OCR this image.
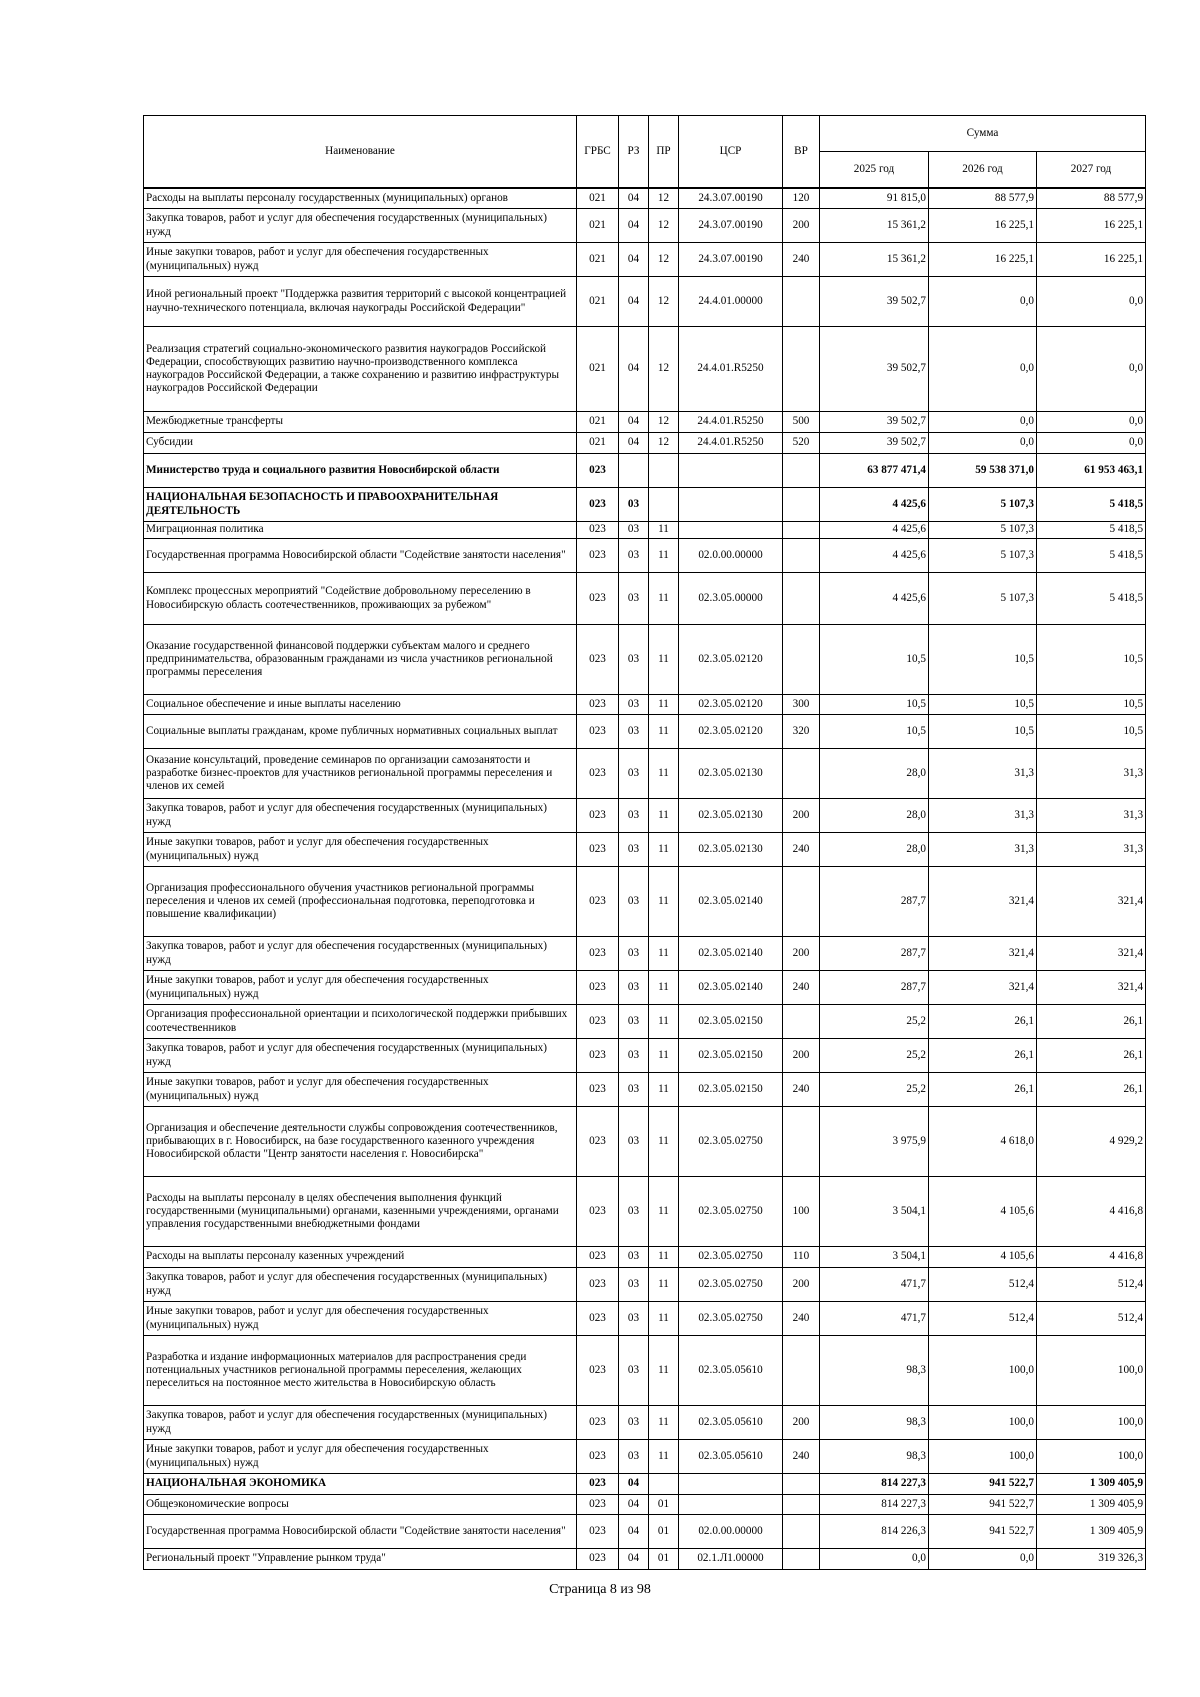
Наименование	ГРБС	РЗ	ПР	ЦСР	ВР	Сумма		
						2025 год	2026 год	2027 год
Расходы на выплаты персоналу государственных (муниципальных) органов	021	04	12	24.3.07.00190	120	91 815,0	88 577,9	88 577,9
Закупка товаров, работ и услуг для обеспечения государственных (муниципальных) нужд	021	04	12	24.3.07.00190	200	15 361,2	16 225,1	16 225,1
Иные закупки товаров, работ и услуг для обеспечения государственных (муниципальных) нужд	021	04	12	24.3.07.00190	240	15 361,2	16 225,1	16 225,1
Иной региональный проект "Поддержка развития территорий с высокой концентрацией научно-технического потенциала, включая наукограды Российской Федерации"	021	04	12	24.4.01.00000		39 502,7	0,0	0,0
Реализация стратегий социально-экономического развития наукоградов Российской Федерации, способствующих развитию научно-производственного комплекса наукоградов Российской Федерации, а также сохранению и развитию инфраструктуры наукоградов Российской Федерации	021	04	12	24.4.01.R5250		39 502,7	0,0	0,0
Межбюджетные трансферты	021	04	12	24.4.01.R5250	500	39 502,7	0,0	0,0
Субсидии	021	04	12	24.4.01.R5250	520	39 502,7	0,0	0,0
Министерство труда и социального развития Новосибирской области	023					63 877 471,4	59 538 371,0	61 953 463,1
НАЦИОНАЛЬНАЯ БЕЗОПАСНОСТЬ И ПРАВООХРАНИТЕЛЬНАЯ ДЕЯТЕЛЬНОСТЬ	023	03				4 425,6	5 107,3	5 418,5
Миграционная политика	023	03	11			4 425,6	5 107,3	5 418,5
Государственная программа Новосибирской области "Содействие занятости населения"	023	03	11	02.0.00.00000		4 425,6	5 107,3	5 418,5
Комплекс процессных мероприятий "Содействие добровольному переселению в Новосибирскую область соотечественников, проживающих за рубежом"	023	03	11	02.3.05.00000		4 425,6	5 107,3	5 418,5
Оказание государственной финансовой поддержки субъектам малого и среднего предпринимательства, образованным гражданами из числа участников региональной программы переселения	023	03	11	02.3.05.02120		10,5	10,5	10,5
Социальное обеспечение и иные выплаты населению	023	03	11	02.3.05.02120	300	10,5	10,5	10,5
Социальные выплаты гражданам, кроме публичных нормативных социальных выплат	023	03	11	02.3.05.02120	320	10,5	10,5	10,5
Оказание консультаций, проведение семинаров по организации самозанятости и разработке бизнес-проектов для участников региональной программы переселения и членов их семей	023	03	11	02.3.05.02130		28,0	31,3	31,3
Закупка товаров, работ и услуг для обеспечения государственных (муниципальных) нужд	023	03	11	02.3.05.02130	200	28,0	31,3	31,3
Иные закупки товаров, работ и услуг для обеспечения государственных (муниципальных) нужд	023	03	11	02.3.05.02130	240	28,0	31,3	31,3
Организация профессионального обучения участников региональной программы переселения и членов их семей (профессиональная подготовка, переподготовка и повышение квалификации)	023	03	11	02.3.05.02140		287,7	321,4	321,4
Закупка товаров, работ и услуг для обеспечения государственных (муниципальных) нужд	023	03	11	02.3.05.02140	200	287,7	321,4	321,4
Иные закупки товаров, работ и услуг для обеспечения государственных (муниципальных) нужд	023	03	11	02.3.05.02140	240	287,7	321,4	321,4
Организация профессиональной ориентации и психологической поддержки прибывших соотечественников	023	03	11	02.3.05.02150		25,2	26,1	26,1
Закупка товаров, работ и услуг для обеспечения государственных (муниципальных) нужд	023	03	11	02.3.05.02150	200	25,2	26,1	26,1
Иные закупки товаров, работ и услуг для обеспечения государственных (муниципальных) нужд	023	03	11	02.3.05.02150	240	25,2	26,1	26,1
Организация и обеспечение деятельности службы сопровождения соотечественников, прибывающих в г. Новосибирск, на базе государственного казенного учреждения Новосибирской области "Центр занятости населения г. Новосибирска"	023	03	11	02.3.05.02750		3 975,9	4 618,0	4 929,2
Расходы на выплаты персоналу в целях обеспечения выполнения функций государственными (муниципальными) органами, казенными учреждениями, органами управления государственными внебюджетными фондами	023	03	11	02.3.05.02750	100	3 504,1	4 105,6	4 416,8
Расходы на выплаты персоналу казенных учреждений	023	03	11	02.3.05.02750	110	3 504,1	4 105,6	4 416,8
Закупка товаров, работ и услуг для обеспечения государственных (муниципальных) нужд	023	03	11	02.3.05.02750	200	471,7	512,4	512,4
Иные закупки товаров, работ и услуг для обеспечения государственных (муниципальных) нужд	023	03	11	02.3.05.02750	240	471,7	512,4	512,4
Разработка и издание информационных материалов для распространения среди потенциальных участников региональной программы переселения, желающих переселиться на постоянное место жительства в Новосибирскую область	023	03	11	02.3.05.05610		98,3	100,0	100,0
Закупка товаров, работ и услуг для обеспечения государственных (муниципальных) нужд	023	03	11	02.3.05.05610	200	98,3	100,0	100,0
Иные закупки товаров, работ и услуг для обеспечения государственных (муниципальных) нужд	023	03	11	02.3.05.05610	240	98,3	100,0	100,0
НАЦИОНАЛЬНАЯ ЭКОНОМИКА	023	04				814 227,3	941 522,7	1 309 405,9
Общеэкономические вопросы	023	04	01			814 227,3	941 522,7	1 309 405,9
Государственная программа Новосибирской области "Содействие занятости населения"	023	04	01	02.0.00.00000		814 226,3	941 522,7	1 309 405,9
Региональный проект "Управление рынком труда"	023	04	01	02.1.Л1.00000		0,0	0,0	319 326,3
Страница 8 из 98
